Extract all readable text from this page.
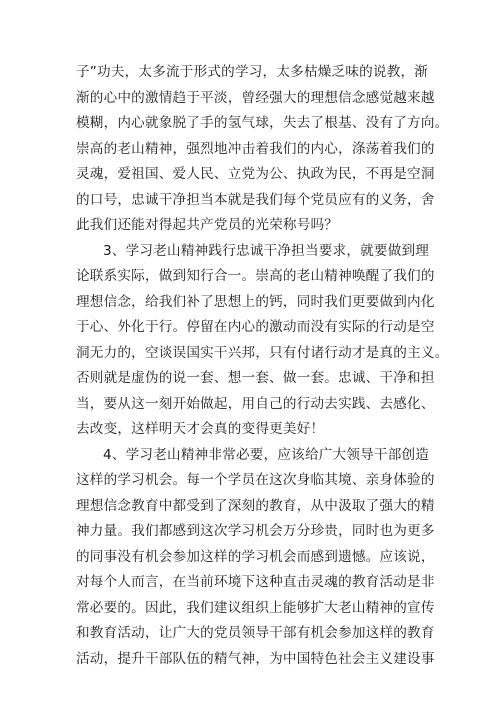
子”功夫，太多流于形式的学习，太多枯燥乏味的说教，渐
渐的心中的激情趋于平淡，曾经强大的理想信念感觉越来越
模糊，内心就象脱了手的氢气球，失去了根基、没有了方向。
崇高的老山精神，强烈地冲击着我们的内心，涤荡着我们的
灵魂，爱祖国、爱人民、立党为公、执政为民，不再是空洞
的口号，忠诚干净担当本就是我们每个党员应有的义务，舍
此我们还能对得起共产党员的光荣称号吗？
3、学习老山精神践行忠诚干净担当要求，就要做到理
论联系实际，做到知行合一。崇高的老山精神唤醒了我们的
理想信念，给我们补了思想上的钙，同时我们更要做到内化
于心、外化于行。停留在内心的激动而没有实际的行动是空
洞无力的，空谈误国实干兴邦，只有付诸行动才是真的主义。
否则就是虚伪的说一套、想一套、做一套。忠诚、干净和担
当，要从这一刻开始做起，用自己的行动去实践、去感化、
去改变，这样明天才会真的变得更美好！
4、学习老山精神非常必要，应该给广大领导干部创造
这样的学习机会。每一个学员在这次身临其境、亲身体验的
理想信念教育中都受到了深刻的教育，从中汲取了强大的精
神力量。我们都感到这次学习机会万分珍贵，同时也为更多
的同事没有机会参加这样的学习机会而感到遗憾。应该说，
对每个人而言，在当前环境下这种直击灵魂的教育活动是非
常必要的。因此，我们建议组织上能够扩大老山精神的宣传
和教育活动，让广大的党员领导干部有机会参加这样的教育
活动，提升干部队伍的精气神，为中国特色社会主义建设事
